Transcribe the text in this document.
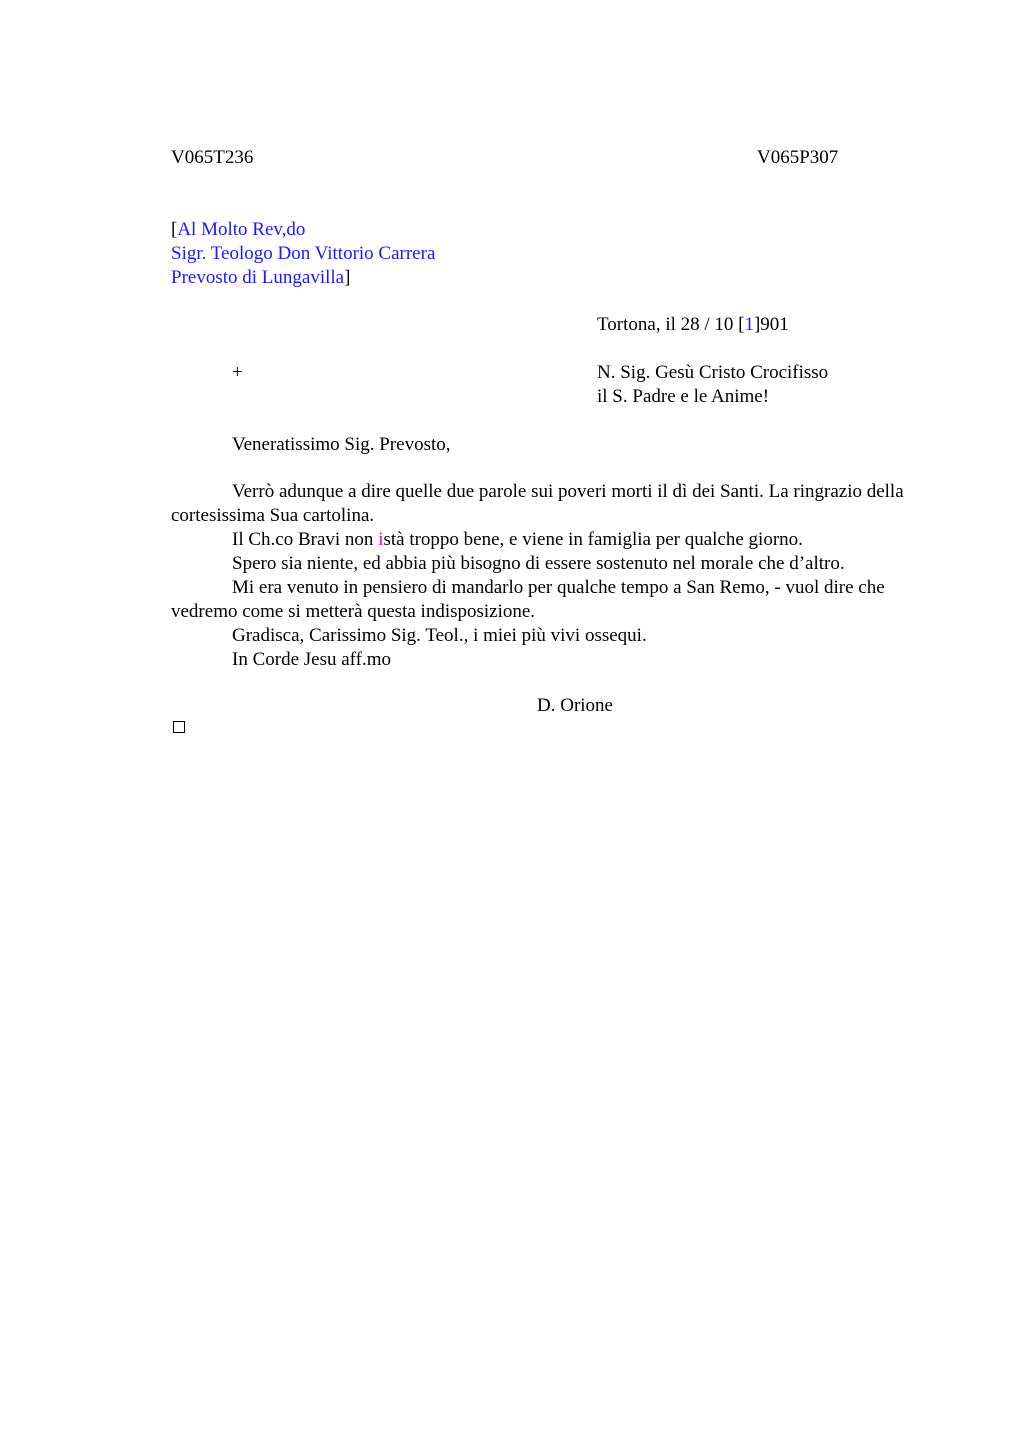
V065T236	V065P307
[Al Molto Rev,do
Sigr. Teologo Don Vittorio Carrera
Prevosto di Lungavilla]
Tortona, il 28 / 10 [1]901
+	N. Sig. Gesù Cristo Crocifisso
il S. Padre e le Anime!
Veneratissimo Sig. Prevosto,
Verrò adunque a dire quelle due parole sui poveri morti il dì dei Santi. La ringrazio della cortesissima Sua cartolina.
Il Ch.co Bravi non istà troppo bene, e viene in famiglia per qualche giorno.
Spero sia niente, ed abbia più bisogno di essere sostenuto nel morale che d’altro.
Mi era venuto in pensiero di mandarlo per qualche tempo a San Remo, - vuol dire che vedremo come si metterà questa indisposizione.
Gradisca, Carissimo Sig. Teol., i miei più vivi ossequi.
In Corde Jesu aff.mo
D. Orione
